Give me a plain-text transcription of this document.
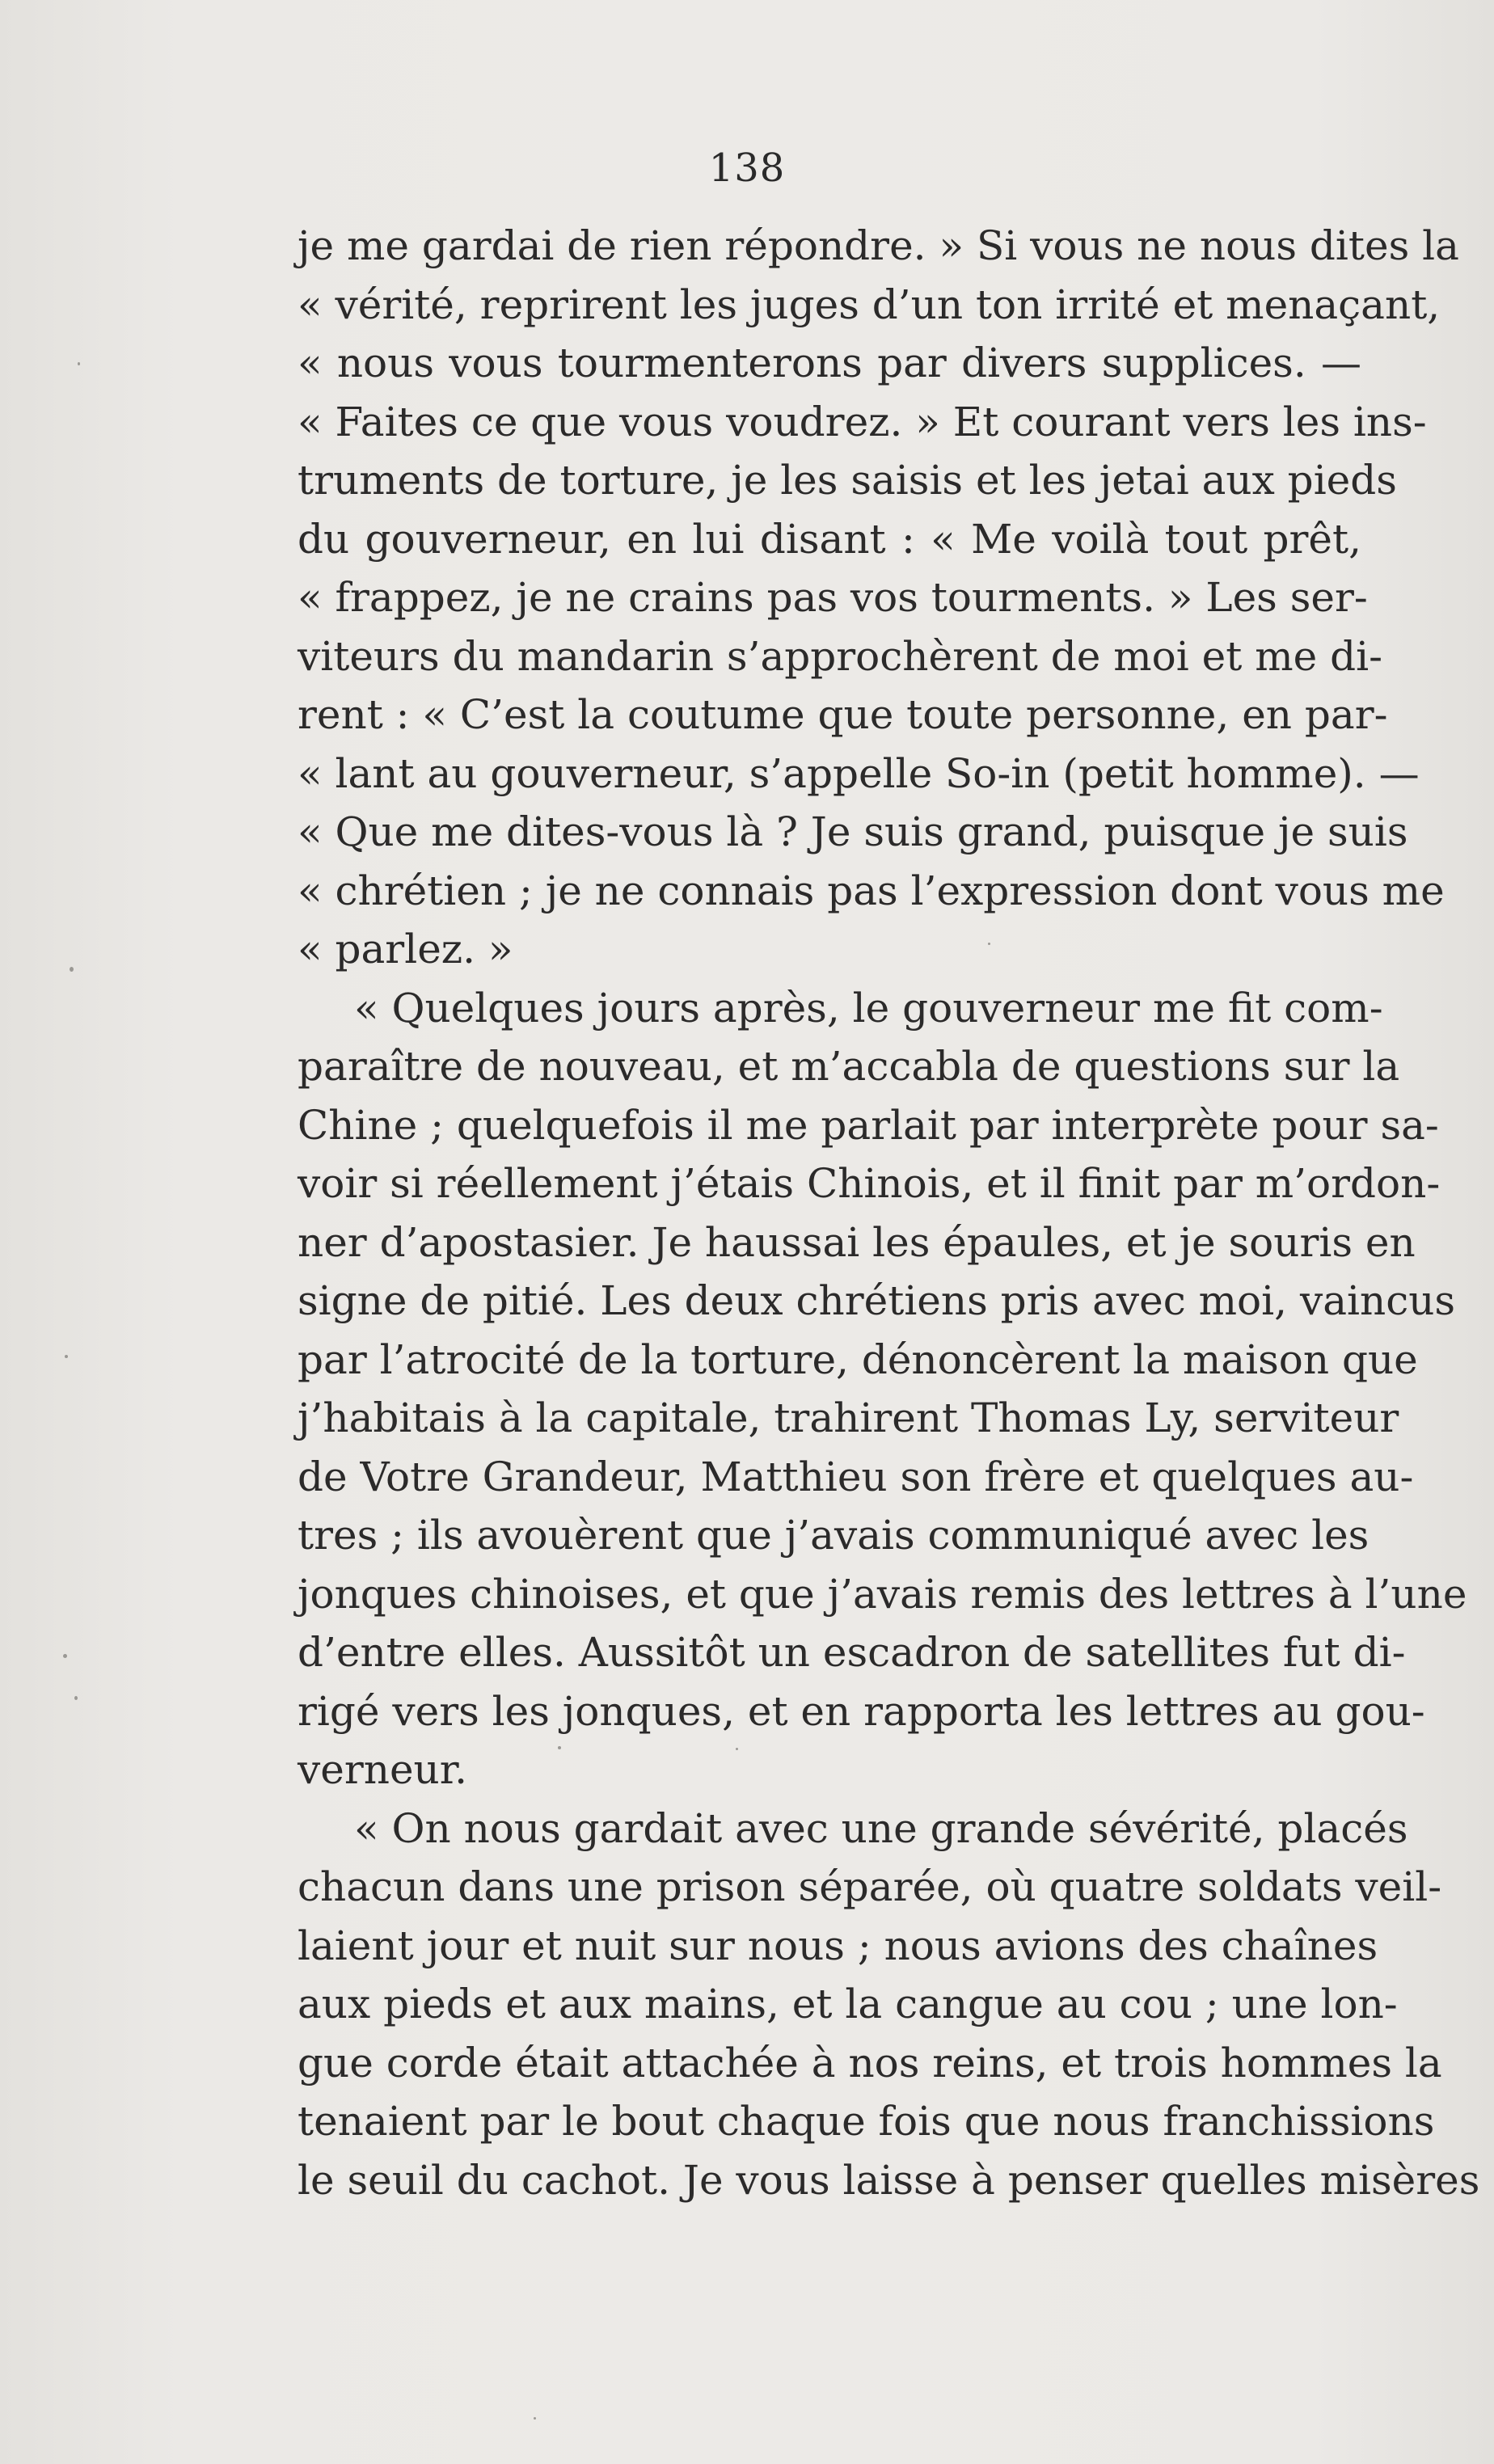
138
je me gardai de rien répondre. » Si vous ne nous dites la
« vérité, reprirent les juges d’un ton irrité et menaçant,
« nous vous tourmenterons par divers supplices. —
« Faites ce que vous voudrez. » Et courant vers les ins-
truments de torture, je les saisis et les jetai aux pieds
du gouverneur, en lui disant : « Me voilà tout prêt,
« frappez, je ne crains pas vos tourments. » Les ser-
viteurs du mandarin s’approchèrent de moi et me di-
rent : « C’est la coutume que toute personne, en par-
« lant au gouverneur, s’appelle So-in (petit homme). —
« Que me dites-vous là ? Je suis grand, puisque je suis
« chrétien ; je ne connais pas l’expression dont vous me
« parlez. »
« Quelques jours après, le gouverneur me fit com-
paraître de nouveau, et m’accabla de questions sur la
Chine ; quelquefois il me parlait par interprète pour sa-
voir si réellement j’étais Chinois, et il finit par m’ordon-
ner d’apostasier. Je haussai les épaules, et je souris en
signe de pitié. Les deux chrétiens pris avec moi, vaincus
par l’atrocité de la torture, dénoncèrent la maison que
j’habitais à la capitale, trahirent Thomas Ly, serviteur
de Votre Grandeur, Matthieu son frère et quelques au-
tres ; ils avouèrent que j’avais communiqué avec les
jonques chinoises, et que j’avais remis des lettres à l’une
d’entre elles. Aussitôt un escadron de satellites fut di-
rigé vers les jonques, et en rapporta les lettres au gou-
verneur.
« On nous gardait avec une grande sévérité, placés
chacun dans une prison séparée, où quatre soldats veil-
laient jour et nuit sur nous ; nous avions des chaînes
aux pieds et aux mains, et la cangue au cou ; une lon-
gue corde était attachée à nos reins, et trois hommes la
tenaient par le bout chaque fois que nous franchissions
le seuil du cachot. Je vous laisse à penser quelles misères
